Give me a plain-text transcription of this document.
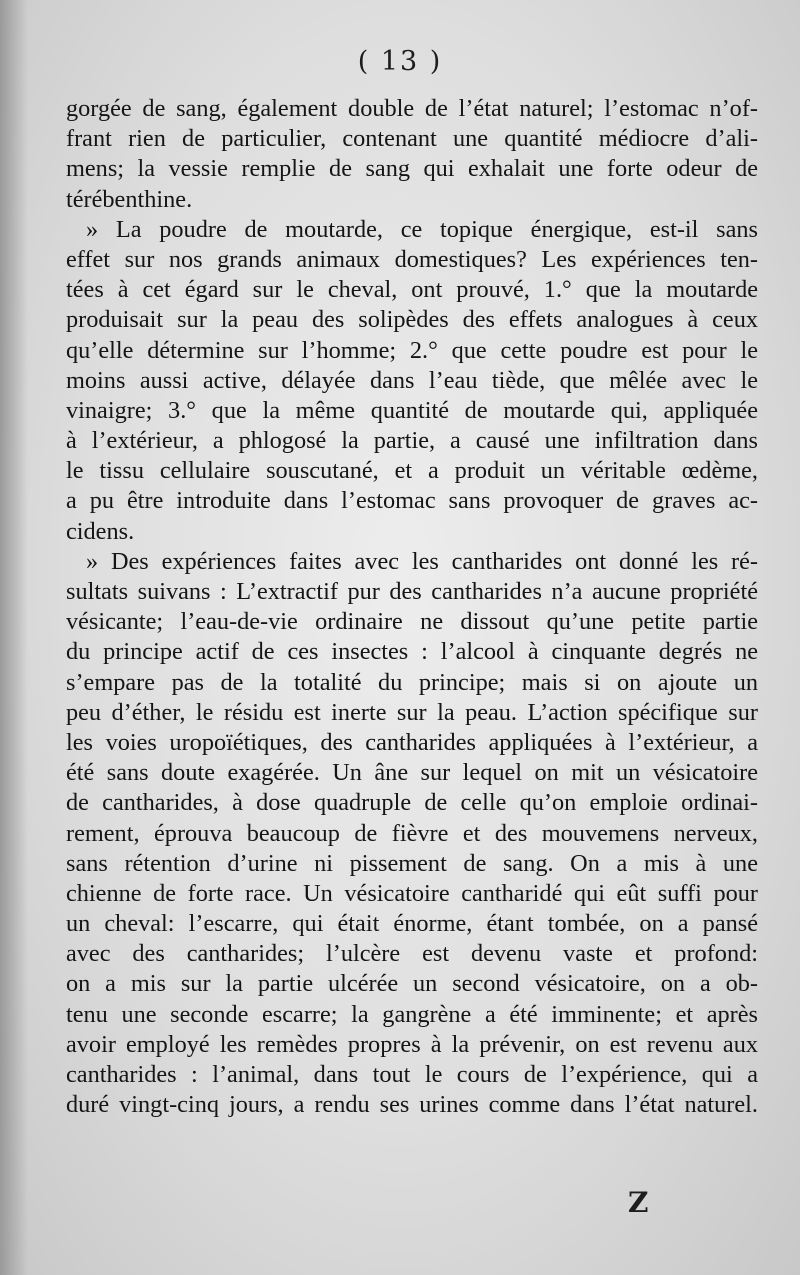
( 13 )
gorgée de sang, également double de l’état naturel; l’estomac n’of-
frant rien de particulier, contenant une quantité médiocre d’ali-
mens; la vessie remplie de sang qui exhalait une forte odeur de
térébenthine.
» La poudre de moutarde, ce topique énergique, est-il sans
effet sur nos grands animaux domestiques? Les expériences ten-
tées à cet égard sur le cheval, ont prouvé, 1.° que la moutarde
produisait sur la peau des solipèdes des effets analogues à ceux
qu’elle détermine sur l’homme; 2.° que cette poudre est pour le
moins aussi active, délayée dans l’eau tiède, que mêlée avec le
vinaigre; 3.° que la même quantité de moutarde qui, appliquée
à l’extérieur, a phlogosé la partie, a causé une infiltration dans
le tissu cellulaire souscutané, et a produit un véritable œdème,
a pu être introduite dans l’estomac sans provoquer de graves ac-
cidens.
» Des expériences faites avec les cantharides ont donné les ré-
sultats suivans : L’extractif pur des cantharides n’a aucune propriété
vésicante; l’eau-de-vie ordinaire ne dissout qu’une petite partie
du principe actif de ces insectes : l’alcool à cinquante degrés ne
s’empare pas de la totalité du principe; mais si on ajoute un
peu d’éther, le résidu est inerte sur la peau. L’action spécifique sur
les voies uropoïétiques, des cantharides appliquées à l’extérieur, a
été sans doute exagérée. Un âne sur lequel on mit un vésicatoire
de cantharides, à dose quadruple de celle qu’on emploie ordinai-
rement, éprouva beaucoup de fièvre et des mouvemens nerveux,
sans rétention d’urine ni pissement de sang. On a mis à une
chienne de forte race. Un vésicatoire cantharidé qui eût suffi pour
un cheval: l’escarre, qui était énorme, étant tombée, on a pansé
avec des cantharides; l’ulcère est devenu vaste et profond:
on a mis sur la partie ulcérée un second vésicatoire, on a ob-
tenu une seconde escarre; la gangrène a été imminente; et après
avoir employé les remèdes propres à la prévenir, on est revenu aux
cantharides : l’animal, dans tout le cours de l’expérience, qui a
duré vingt-cinq jours, a rendu ses urines comme dans l’état naturel.
Z
